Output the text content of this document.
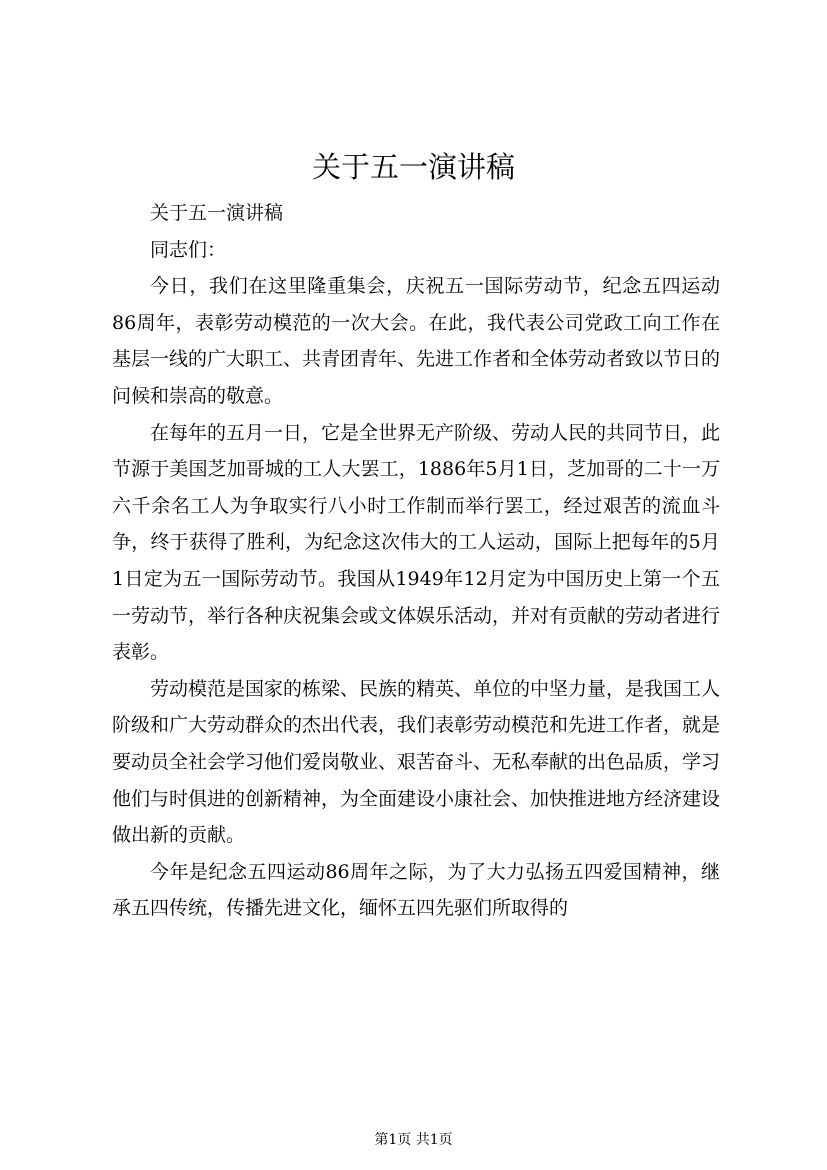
关于五一演讲稿

关于五一演讲稿

同志们：

今日，我们在这里隆重集会，庆祝五一国际劳动节，纪念五四运动86周年，表彰劳动模范的一次大会。在此，我代表公司党政工向工作在基层一线的广大职工、共青团青年、先进工作者和全体劳动者致以节日的问候和崇高的敬意。

在每年的五月一日，它是全世界无产阶级、劳动人民的共同节日，此节源于美国芝加哥城的工人大罢工，1886年5月1日，芝加哥的二十一万六千余名工人为争取实行八小时工作制而举行罢工，经过艰苦的流血斗争，终于获得了胜利，为纪念这次伟大的工人运动，国际上把每年的5月1日定为五一国际劳动节。我国从1949年12月定为中国历史上第一个五一劳动节，举行各种庆祝集会或文体娱乐活动，并对有贡献的劳动者进行表彰。

劳动模范是国家的栋梁、民族的精英、单位的中坚力量，是我国工人阶级和广大劳动群众的杰出代表，我们表彰劳动模范和先进工作者，就是要动员全社会学习他们爱岗敬业、艰苦奋斗、无私奉献的出色品质，学习他们与时俱进的创新精神，为全面建设小康社会、加快推进地方经济建设做出新的贡献。

今年是纪念五四运动86周年之际，为了大力弘扬五四爱国精神，继承五四传统，传播先进文化，缅怀五四先驱们所取得的

第1页 共1页
